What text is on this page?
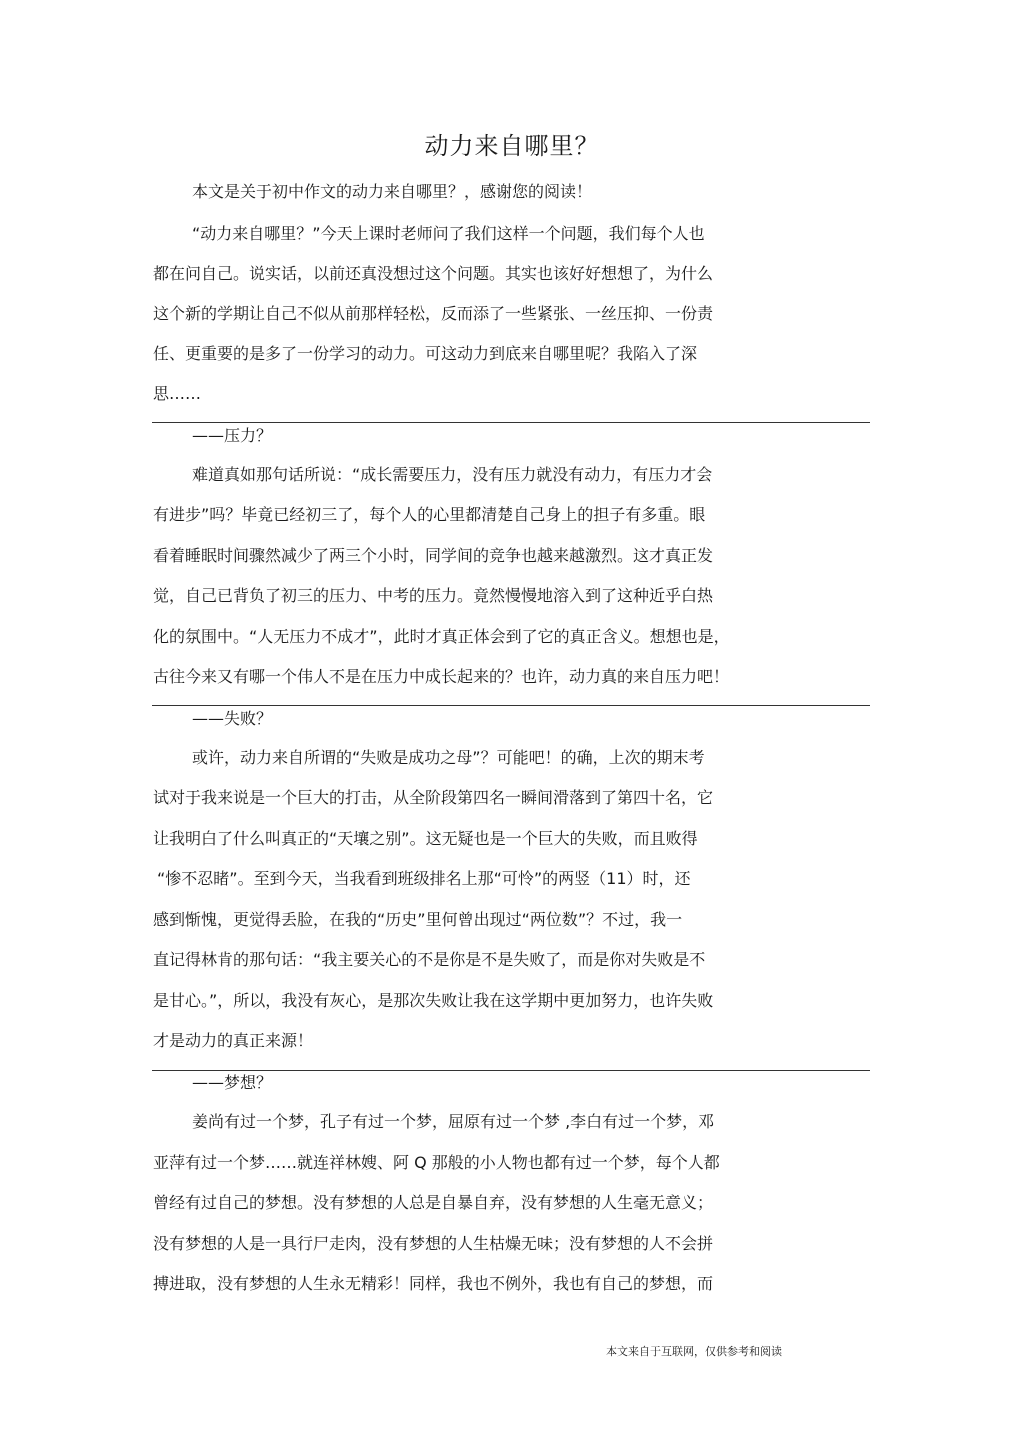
动力来自哪里？
本文是关于初中作文的动力来自哪里？，感谢您的阅读！
“动力来自哪里？”今天上课时老师问了我们这样一个问题，我们每个人也
都在问自己。说实话，以前还真没想过这个问题。其实也该好好想想了，为什么
这个新的学期让自己不似从前那样轻松，反而添了一些紧张、一丝压抑、一份责
任、更重要的是多了一份学习的动力。可这动力到底来自哪里呢？我陷入了深
思……
——压力？
难道真如那句话所说：“成长需要压力，没有压力就没有动力，有压力才会
有进步”吗？毕竟已经初三了，每个人的心里都清楚自己身上的担子有多重。眼
看着睡眠时间骤然减少了两三个小时，同学间的竞争也越来越激烈。这才真正发
觉，自己已背负了初三的压力、中考的压力。竟然慢慢地溶入到了这种近乎白热
化的氛围中。“人无压力不成才”，此时才真正体会到了它的真正含义。想想也是，
古往今来又有哪一个伟人不是在压力中成长起来的？也许，动力真的来自压力吧！
——失败？
或许，动力来自所谓的“失败是成功之母”？可能吧！的确，上次的期末考
试对于我来说是一个巨大的打击，从全阶段第四名一瞬间滑落到了第四十名，它
让我明白了什么叫真正的“天壤之别”。这无疑也是一个巨大的失败，而且败得
“惨不忍睹”。至到今天，当我看到班级排名上那“可怜”的两竖（11）时，还
感到惭愧，更觉得丢脸，在我的“历史”里何曾出现过“两位数”？不过，我一
直记得林肯的那句话：“我主要关心的不是你是不是失败了，而是你对失败是不
是甘心。”，所以，我没有灰心，是那次失败让我在这学期中更加努力，也许失败
才是动力的真正来源！
——梦想？
姜尚有过一个梦，孔子有过一个梦，屈原有过一个梦 ,李白有过一个梦，邓
亚萍有过一个梦……就连祥林嫂、阿 Q 那般的小人物也都有过一个梦，每个人都
曾经有过自己的梦想。没有梦想的人总是自暴自弃，没有梦想的人生毫无意义；
没有梦想的人是一具行尸走肉，没有梦想的人生枯燥无味；没有梦想的人不会拼
搏进取，没有梦想的人生永无精彩！同样，我也不例外，我也有自己的梦想，而
本文来自于互联网，仅供参考和阅读
